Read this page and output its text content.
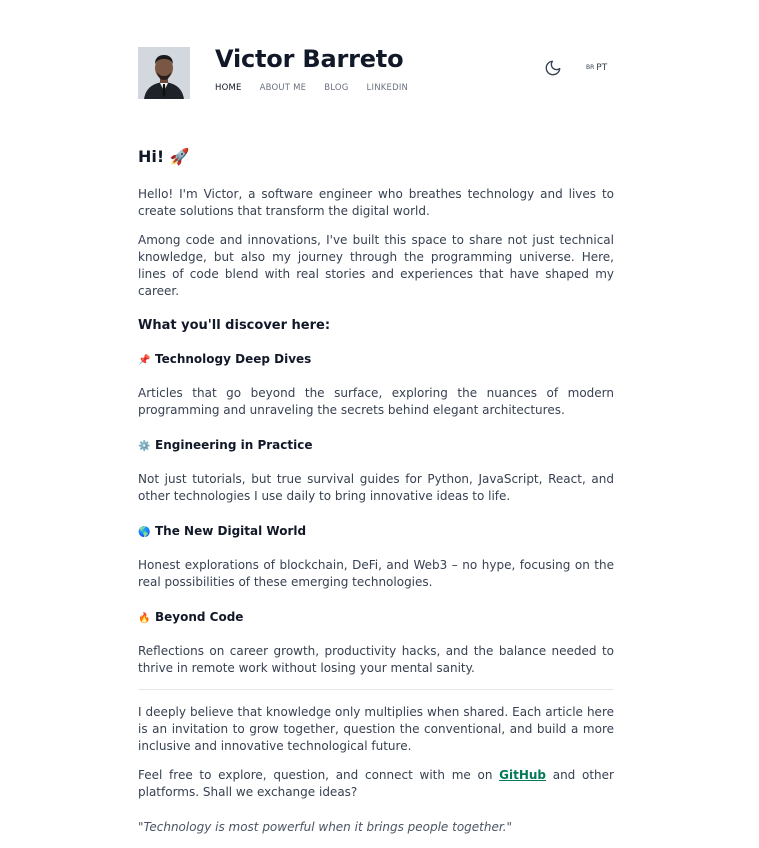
Victor Barreto
HOME ABOUT ME BLOG LINKEDIN
BR PT
Hi! 🚀

Hello! I'm Victor, a software engineer who breathes technology and lives to create solutions that transform the digital world.

Among code and innovations, I've built this space to share not just technical knowledge, but also my journey through the programming universe. Here, lines of code blend with real stories and experiences that have shaped my career.

What you'll discover here:
📌 Technology Deep Dives

Articles that go beyond the surface, exploring the nuances of modern programming and unraveling the secrets behind elegant architectures.

⚙️ Engineering in Practice

Not just tutorials, but true survival guides for Python, JavaScript, React, and other technologies I use daily to bring innovative ideas to life.

🌎 The New Digital World

Honest explorations of blockchain, DeFi, and Web3 – no hype, focusing on the real possibilities of these emerging technologies.

🔥 Beyond Code

Reflections on career growth, productivity hacks, and the balance needed to thrive in remote work without losing your mental sanity.

I deeply believe that knowledge only multiplies when shared. Each article here is an invitation to grow together, question the conventional, and build a more inclusive and innovative technological future.

Feel free to explore, question, and connect with me on GitHub and other platforms. Shall we exchange ideas?

"Technology is most powerful when it brings people together."
